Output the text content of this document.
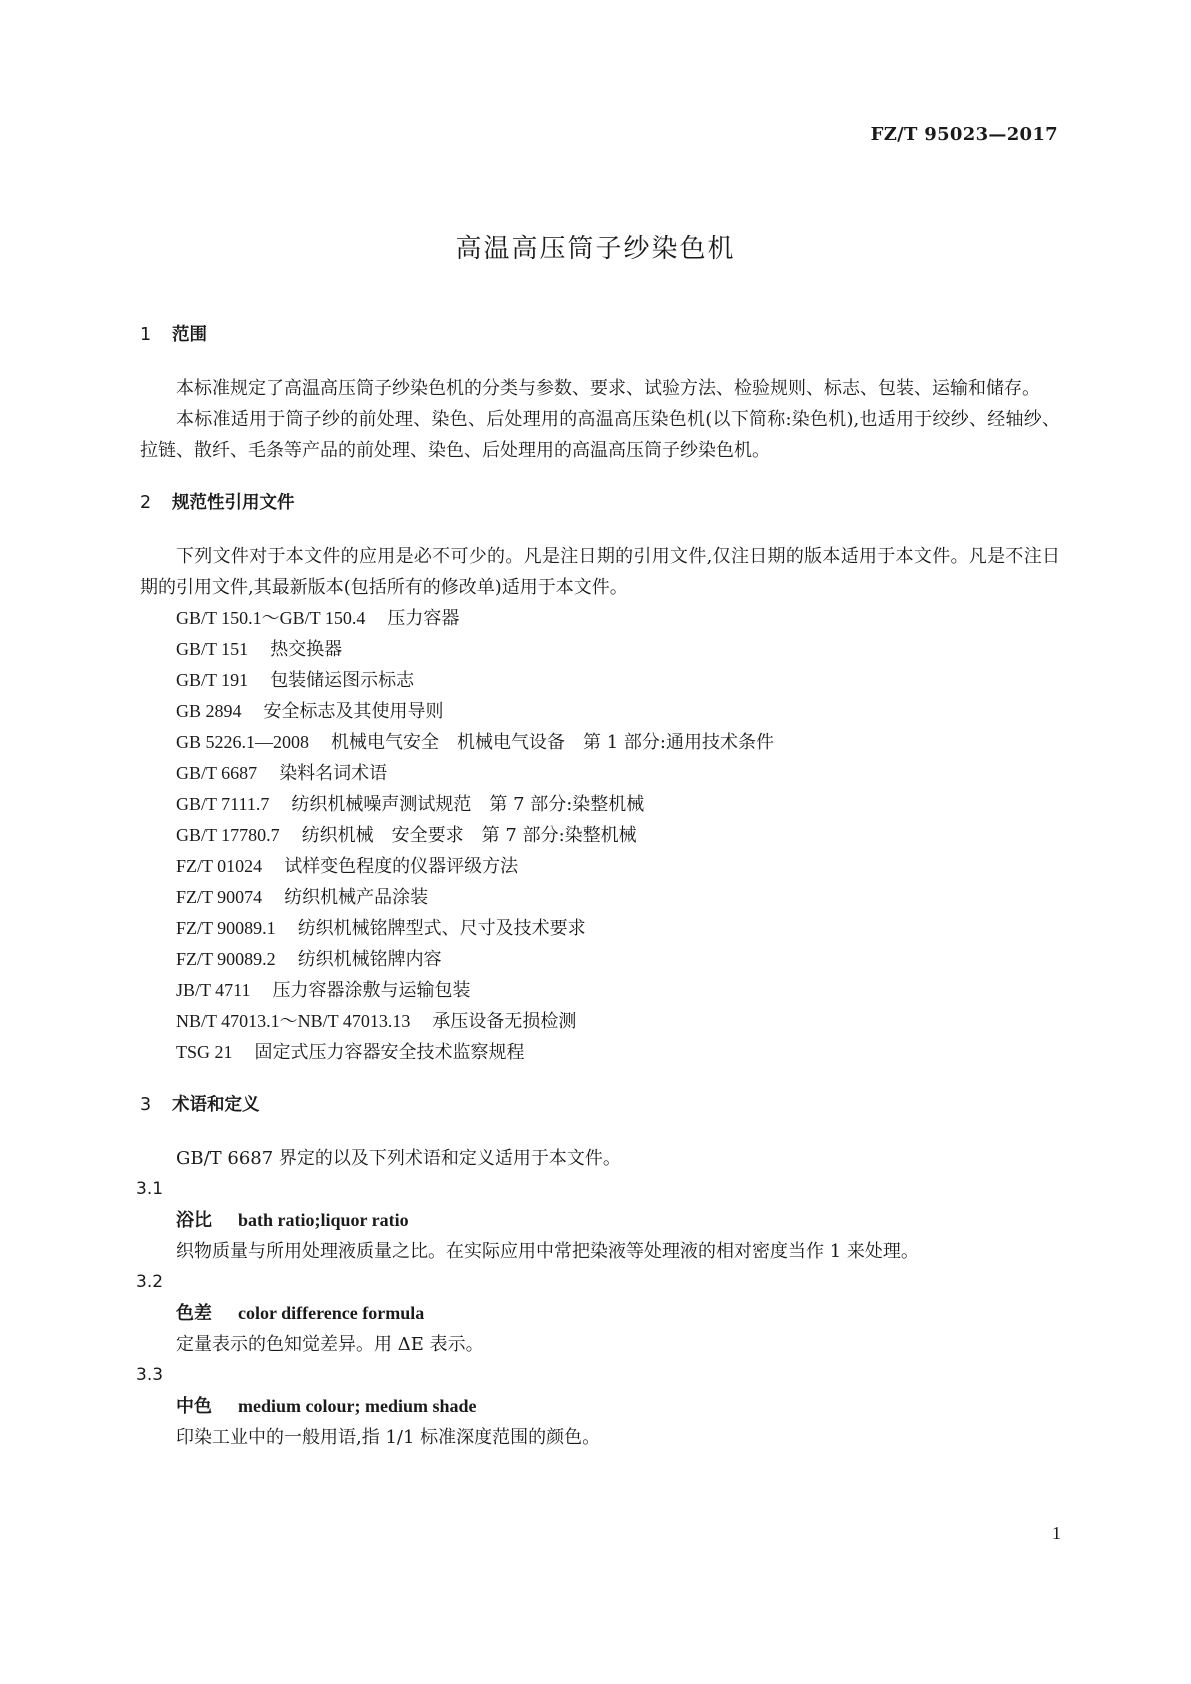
FZ/T 95023—2017
高温高压筒子纱染色机
1 范围

本标准规定了高温高压筒子纱染色机的分类与参数、要求、试验方法、检验规则、标志、包装、运输和储存。

本标准适用于筒子纱的前处理、染色、后处理用的高温高压染色机(以下简称:染色机),也适用于绞纱、经轴纱、拉链、散纤、毛条等产品的前处理、染色、后处理用的高温高压筒子纱染色机。

2 规范性引用文件

下列文件对于本文件的应用是必不可少的。凡是注日期的引用文件,仅注日期的版本适用于本文件。凡是不注日期的引用文件,其最新版本(包括所有的修改单)适用于本文件。

GB/T 150.1～GB/T 150.4 压力容器
GB/T 151 热交换器
GB/T 191 包装储运图示标志
GB 2894 安全标志及其使用导则
GB 5226.1—2008 机械电气安全　机械电气设备　第 1 部分:通用技术条件
GB/T 6687 染料名词术语
GB/T 7111.7 纺织机械噪声测试规范　第 7 部分:染整机械
GB/T 17780.7 纺织机械　安全要求　第 7 部分:染整机械
FZ/T 01024 试样变色程度的仪器评级方法
FZ/T 90074 纺织机械产品涂装
FZ/T 90089.1 纺织机械铭牌型式、尺寸及技术要求
FZ/T 90089.2 纺织机械铭牌内容
JB/T 4711 压力容器涂敷与运输包装
NB/T 47013.1～NB/T 47013.13 承压设备无损检测
TSG 21 固定式压力容器安全技术监察规程
3 术语和定义

GB/T 6687 界定的以及下列术语和定义适用于本文件。

3.1
浴比 bath ratio;liquor ratio
织物质量与所用处理液质量之比。在实际应用中常把染液等处理液的相对密度当作 1 来处理。
3.2
色差 color difference formula
定量表示的色知觉差异。用 ΔE 表示。
3.3
中色 medium colour; medium shade
印染工业中的一般用语,指 1/1 标准深度范围的颜色。
1
